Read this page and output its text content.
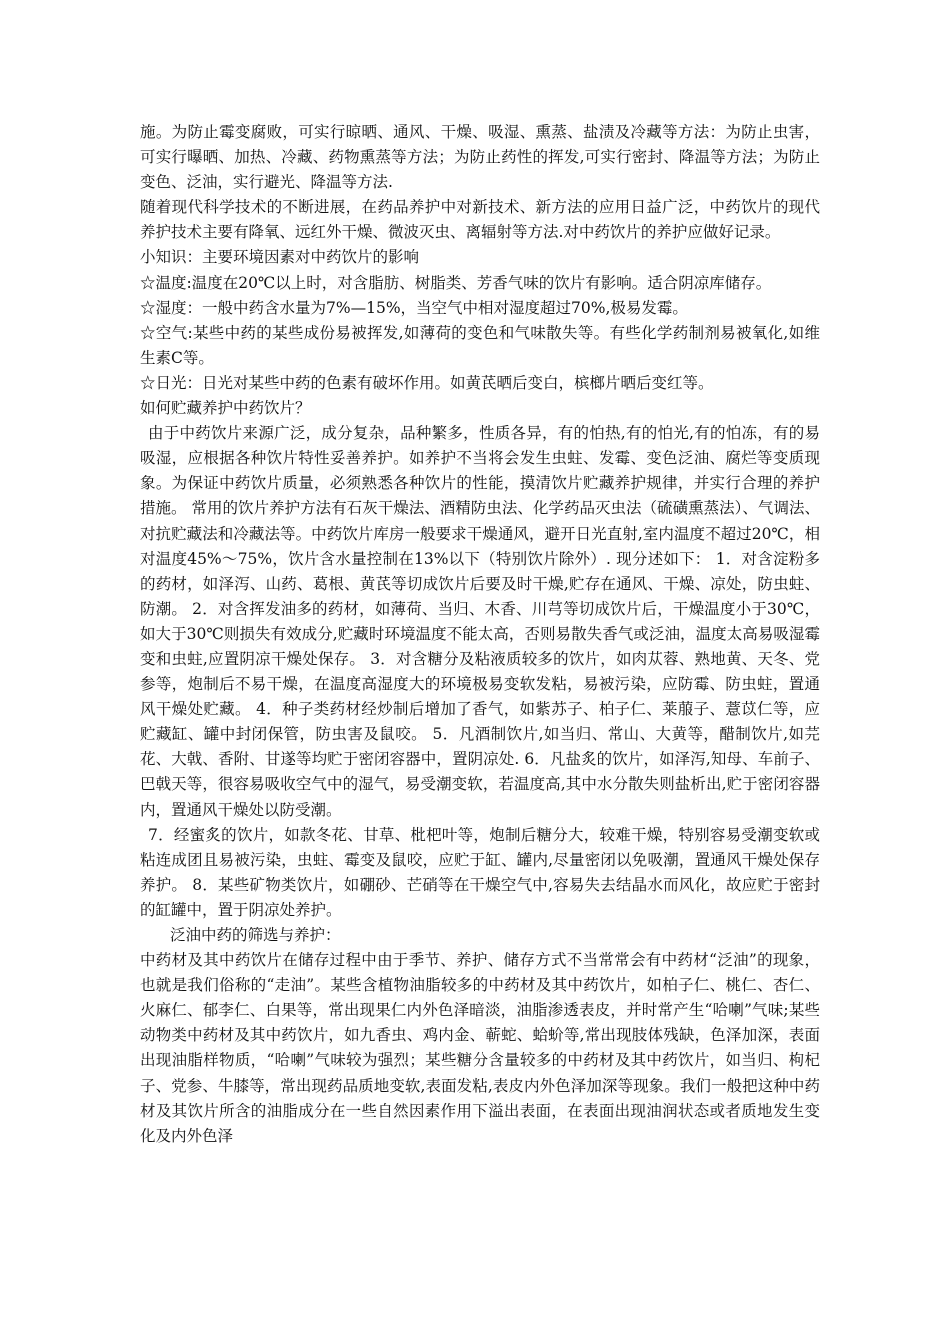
施。为防止霉变腐败，可实行晾晒、通风、干燥、吸湿、熏蒸、盐渍及冷藏等方法：为防止虫害，可实行曝晒、加热、冷藏、药物熏蒸等方法；为防止药性的挥发,可实行密封、降温等方法；为防止变色、泛油，实行避光、降温等方法.

随着现代科学技术的不断进展，在药品养护中对新技术、新方法的应用日益广泛，中药饮片的现代养护技术主要有降氧、远红外干燥、微波灭虫、离辐射等方法.对中药饮片的养护应做好记录。

小知识：主要环境因素对中药饮片的影响

☆温度:温度在20℃以上时，对含脂肪、树脂类、芳香气味的饮片有影响。适合阴凉库储存。

☆湿度：一般中药含水量为7%—15%，当空气中相对湿度超过70%,极易发霉。

☆空气:某些中药的某些成份易被挥发,如薄荷的变色和气味散失等。有些化学药制剂易被氧化,如维生素C等。

☆日光：日光对某些中药的色素有破坏作用。如黄芪晒后变白，槟榔片晒后变红等。

如何贮藏养护中药饮片？

由于中药饮片来源广泛，成分复杂，品种繁多，性质各异，有的怕热,有的怕光,有的怕冻，有的易吸湿，应根据各种饮片特性妥善养护。如养护不当将会发生虫蛀、发霉、变色泛油、腐烂等变质现象。为保证中药饮片质量，必须熟悉各种饮片的性能，摸清饮片贮藏养护规律，并实行合理的养护措施。 常用的饮片养护方法有石灰干燥法、酒精防虫法、化学药品灭虫法（硫磺熏蒸法）、气调法、对抗贮藏法和冷藏法等。中药饮片库房一般要求干燥通风，避开日光直射,室内温度不超过20℃，相对温度45%～75%，饮片含水量控制在13%以下（特别饮片除外）. 现分述如下： 1．对含淀粉多的药材，如泽泻、山药、葛根、黄芪等切成饮片后要及时干燥,贮存在通风、干燥、凉处，防虫蛀、防潮。 2．对含挥发油多的药材，如薄荷、当归、木香、川芎等切成饮片后，干燥温度小于30℃，如大于30℃则损失有效成分,贮藏时环境温度不能太高，否则易散失香气或泛油，温度太高易吸湿霉变和虫蛀,应置阴凉干燥处保存。 3．对含糖分及粘液质较多的饮片，如肉苁蓉、熟地黄、天冬、党参等，炮制后不易干燥，在温度高湿度大的环境极易变软发粘，易被污染，应防霉、防虫蛀，置通风干燥处贮藏。 4．种子类药材经炒制后增加了香气，如紫苏子、柏子仁、莱菔子、薏苡仁等，应贮藏缸、罐中封闭保管，防虫害及鼠咬。 5．凡酒制饮片,如当归、常山、大黄等，醋制饮片,如芫花、大戟、香附、甘遂等均贮于密闭容器中，置阴凉处. 6．凡盐炙的饮片，如泽泻,知母、车前子、巴戟天等，很容易吸收空气中的湿气，易受潮变软，若温度高,其中水分散失则盐析出,贮于密闭容器内，置通风干燥处以防受潮。

7．经蜜炙的饮片，如款冬花、甘草、枇杷叶等，炮制后糖分大，较难干燥，特别容易受潮变软或粘连成团且易被污染，虫蛀、霉变及鼠咬，应贮于缸、罐内,尽量密闭以免吸潮，置通风干燥处保存养护。 8．某些矿物类饮片，如硼砂、芒硝等在干燥空气中,容易失去结晶水而风化，故应贮于密封的缸罐中，置于阴凉处养护。

泛油中药的筛选与养护：

中药材及其中药饮片在储存过程中由于季节、养护、储存方式不当常常会有中药材“泛油”的现象，也就是我们俗称的“走油”。某些含植物油脂较多的中药材及其中药饮片，如柏子仁、桃仁、杏仁、火麻仁、郁李仁、白果等，常出现果仁内外色泽暗淡，油脂渗透表皮，并时常产生“哈喇”气味;某些动物类中药材及其中药饮片，如九香虫、鸡内金、蕲蛇、蛤蚧等,常出现肢体残缺，色泽加深，表面出现油脂样物质，“哈喇”气味较为强烈；某些糖分含量较多的中药材及其中药饮片，如当归、枸杞子、党参、牛膝等，常出现药品质地变软,表面发粘,表皮内外色泽加深等现象。我们一般把这种中药材及其饮片所含的油脂成分在一些自然因素作用下溢出表面，在表面出现油润状态或者质地发生变化及内外色泽
